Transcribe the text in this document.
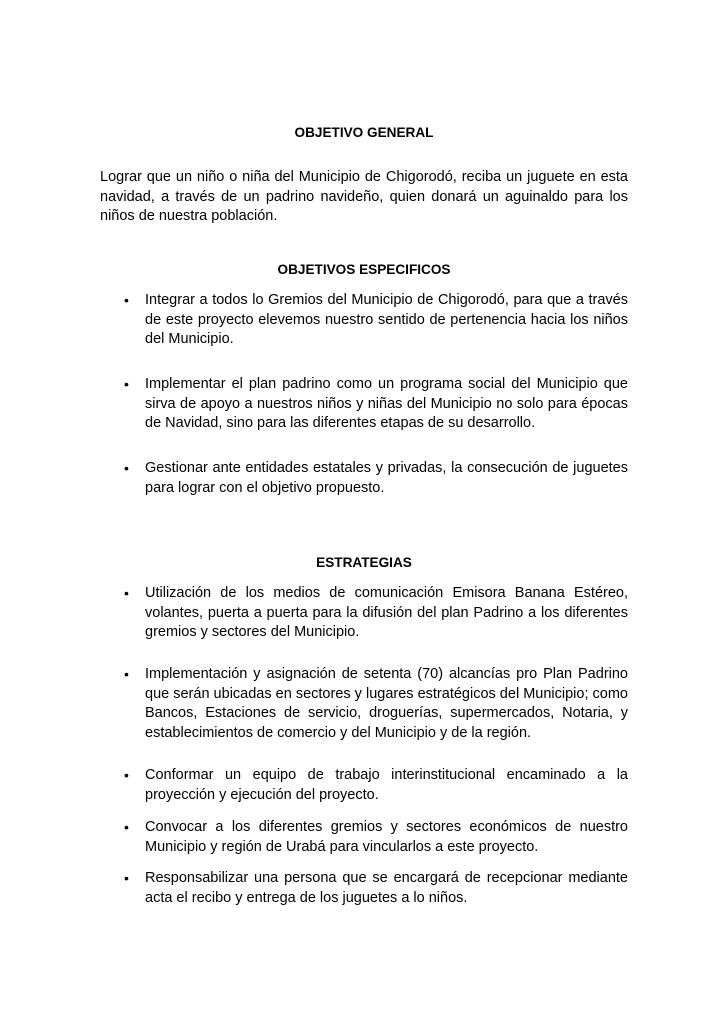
OBJETIVO GENERAL

Lograr que un niño o niña del Municipio de Chigorodó, reciba un juguete en esta navidad, a través de un padrino navideño, quien donará un aguinaldo para los niños de nuestra población.

OBJETIVOS ESPECIFICOS
• Integrar a todos lo Gremios del Municipio de Chigorodó, para que a través de este proyecto elevemos nuestro sentido de pertenencia hacia los niños del Municipio.

• Implementar el plan padrino como un programa social del Municipio que sirva de apoyo a nuestros niños y niñas del Municipio no solo para épocas de Navidad, sino para las diferentes etapas de su desarrollo.

• Gestionar ante entidades estatales y privadas, la consecución de juguetes para lograr con el objetivo propuesto.

ESTRATEGIAS
• Utilización de los medios de comunicación Emisora Banana Estéreo, volantes, puerta a puerta para la difusión del plan Padrino a los diferentes gremios y sectores del Municipio.

• Implementación y asignación de setenta (70) alcancías pro Plan Padrino que serán ubicadas en sectores y lugares estratégicos del Municipio; como Bancos, Estaciones de servicio, droguerías, supermercados, Notaria, y establecimientos de comercio y del Municipio y de la región.

• Conformar un equipo de trabajo interinstitucional encaminado a la proyección y ejecución del proyecto.

• Convocar a los diferentes gremios y sectores económicos de nuestro Municipio y región de Urabá para vincularlos a este proyecto.

• Responsabilizar una persona que se encargará de recepcionar mediante acta el recibo y entrega de los juguetes a lo niños.
